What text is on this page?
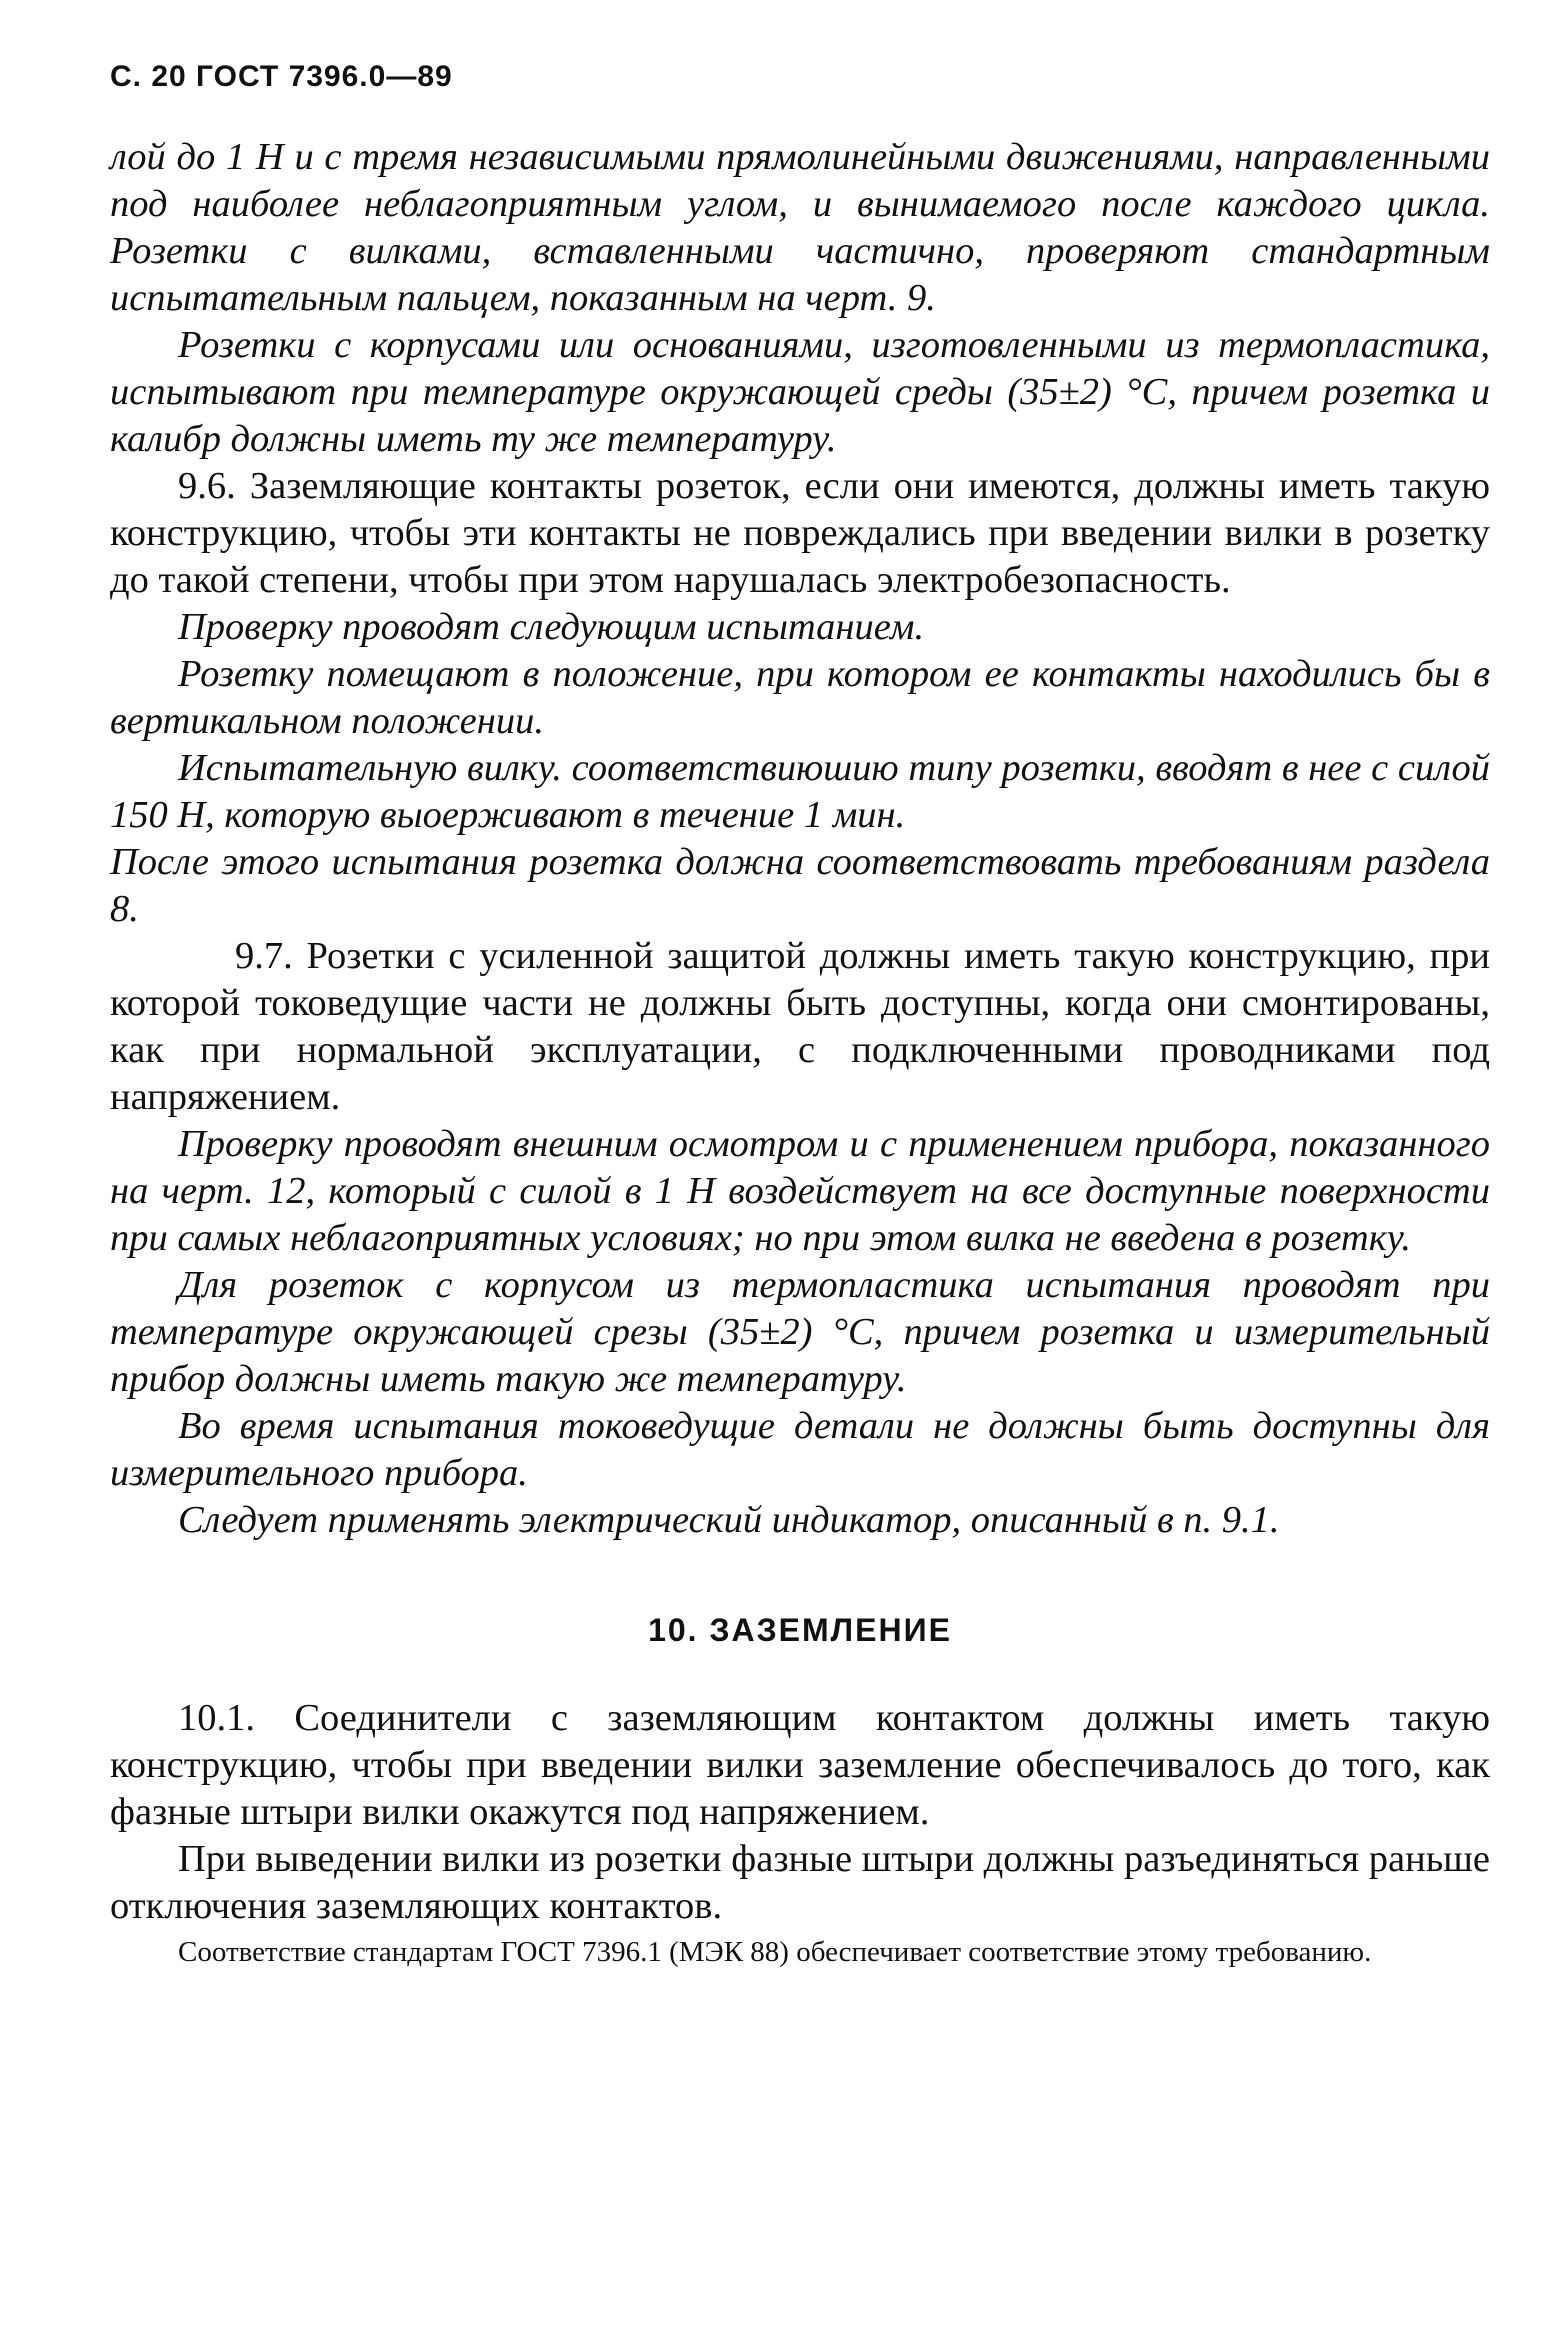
С. 20 ГОСТ 7396.0—89

лой до 1 Н и с тремя независимыми прямолинейными движениями, направленными под наиболее неблагоприятным углом, и вынимаемого после каждого цикла. Розетки с вилками, вставленными частично, проверяют стандартным испытательным пальцем, показанным на черт. 9.

Розетки с корпусами или основаниями, изготовленными из термопластика, испытывают при температуре окружающей среды (35±2) °С, причем розетка и калибр должны иметь ту же температуру.

9.6. Заземляющие контакты розеток, если они имеются, должны иметь такую конструкцию, чтобы эти контакты не повреждались при введении вилки в розетку до такой степени, чтобы при этом нарушалась электробезопасность.

Проверку проводят следующим испытанием.

Розетку помещают в положение, при котором ее контакты находились бы в вертикальном положении.

Испытательную вилку. соответствиюшию типу розетки, вводят в нее с силой 150 Н, которую выоерживают в течение 1 мин.

После этого испытания розетка должна соответствовать требованиям раздела 8.

9.7. Розетки с усиленной защитой должны иметь такую конструкцию, при которой токоведущие части не должны быть доступны, когда они смонтированы, как при нормальной эксплуатации, с подключенными проводниками под напряжением.

Проверку проводят внешним осмотром и с применением прибора, показанного на черт. 12, который с силой в 1 Н воздействует на все доступные поверхности при самых неблагоприятных условиях; но при этом вилка не введена в розетку.

Для розеток с корпусом из термопластика испытания проводят при температуре окружающей срезы (35±2) °С, причем розетка и измерительный прибор должны иметь такую же температуру.

Во время испытания токоведущие детали не должны быть доступны для измерительного прибора.

Следует применять электрический индикатор, описанный в п. 9.1.

10. ЗАЗЕМЛЕНИЕ

10.1. Соединители с заземляющим контактом должны иметь такую конструкцию, чтобы при введении вилки заземление обеспечивалось до того, как фазные штыри вилки окажутся под напряжением.

При выведении вилки из розетки фазные штыри должны разъединяться раньше отключения заземляющих контактов.

Соответствие стандартам ГОСТ 7396.1 (МЭК 88) обеспечивает соответствие этому требованию.
